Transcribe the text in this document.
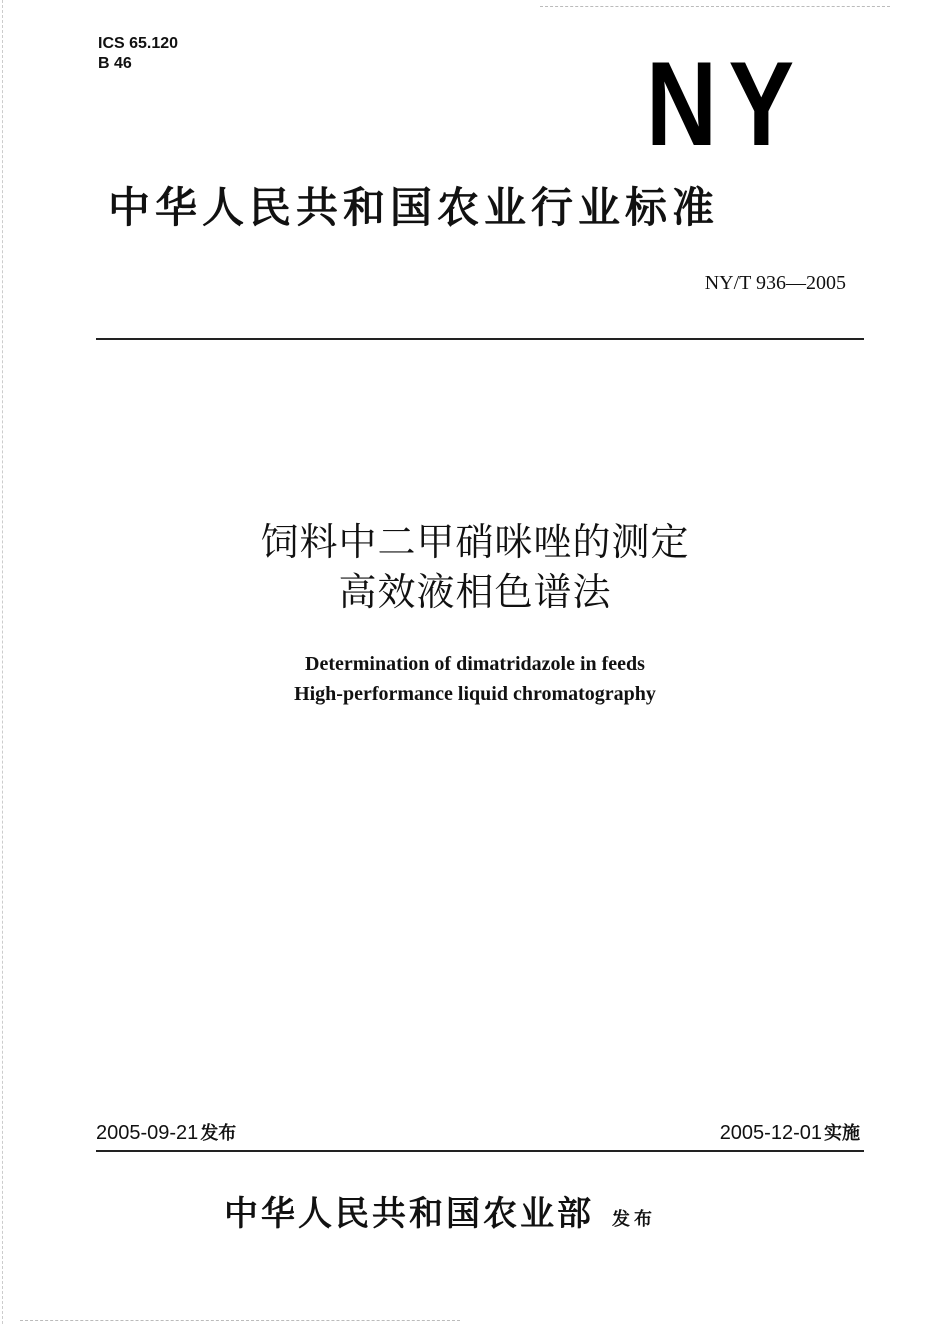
ICS 65.120
B 46	NY
中华人民共和国农业行业标准
NY/T 936—2005
饲料中二甲硝咪唑的测定
高效液相色谱法
Determination of dimatridazole in feeds
High-performance liquid chromatography
2005-09-21 发布	2005-12-01 实施
中华人民共和国农业部 发布
